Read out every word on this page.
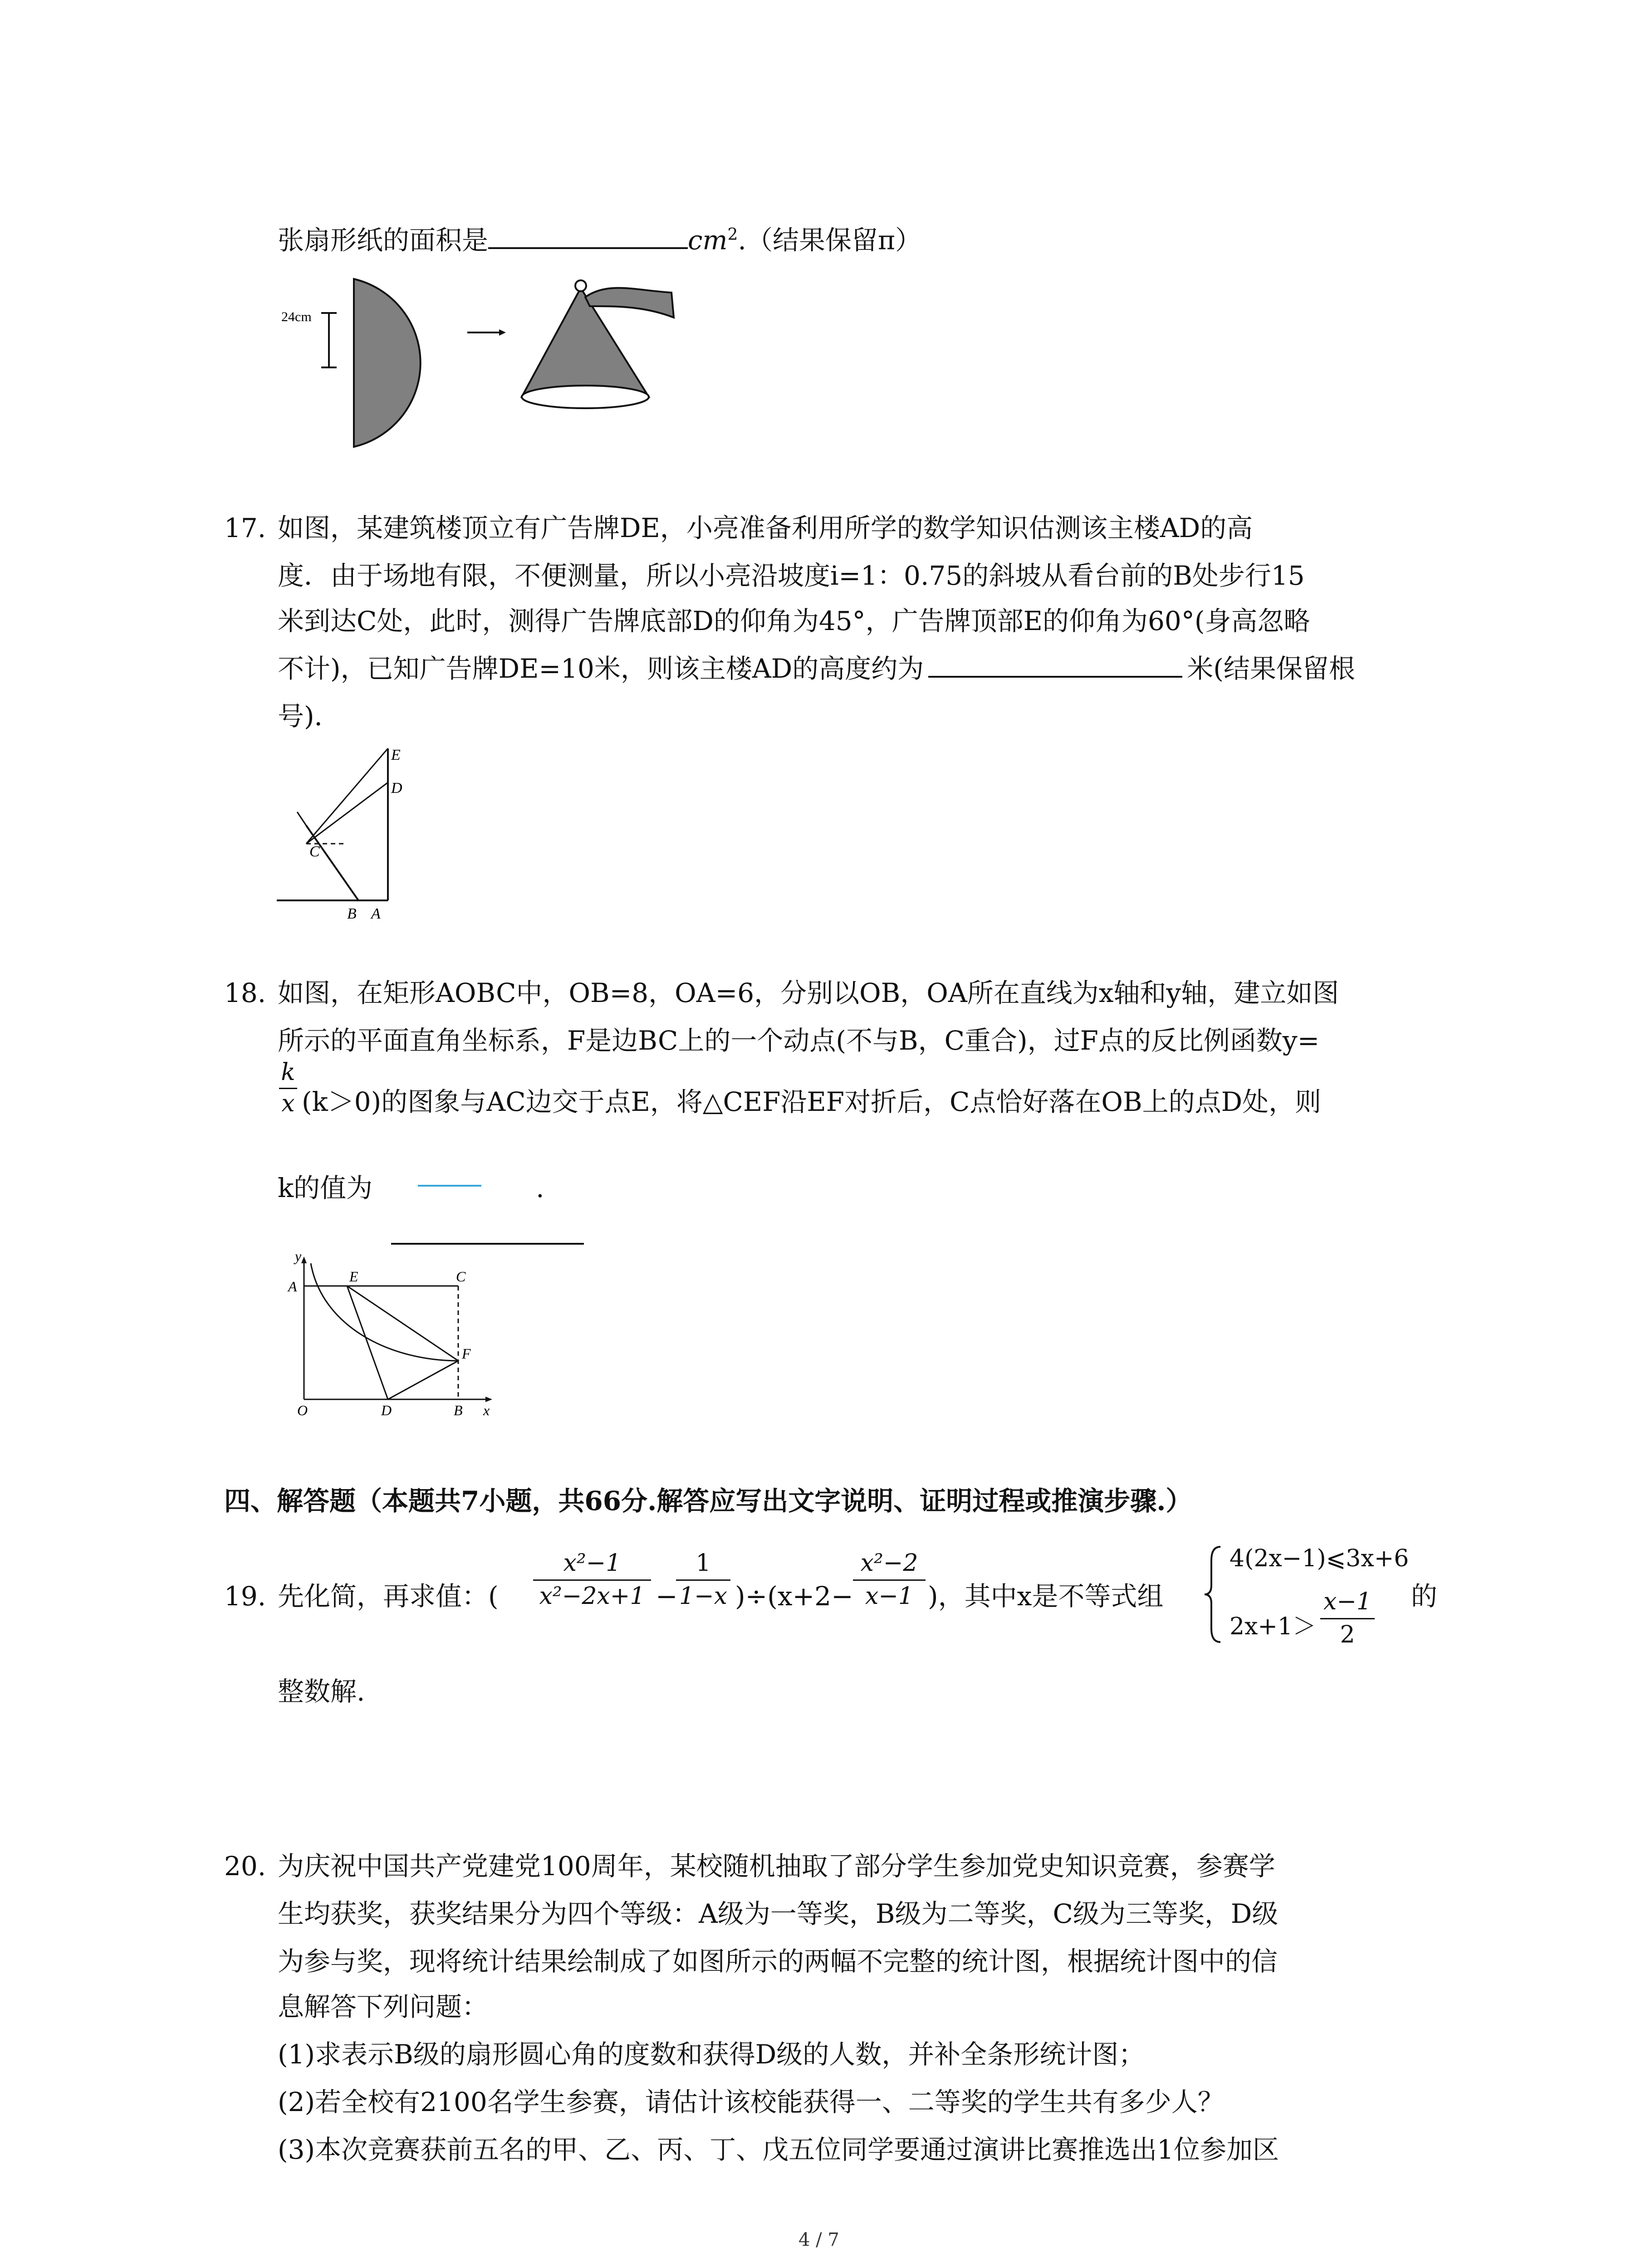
张扇形纸的面积是	$cm^2$.（结果保留π）
24cm
17. 如图，某建筑楼顶立有广告牌DE，小亮准备利用所学的数学知识估测该主楼AD的高
度．由于场地有限，不便测量，所以小亮沿坡度i=1：0.75的斜坡从看台前的B处步行15
米到达C处，此时，测得广告牌底部D的仰角为45°，广告牌顶部E的仰角为60°(身高忽略
不计)，已知广告牌DE=10米，则该主楼AD的高度约为	米(结果保留根
号)．
E
D
C
B A
18. 如图，在矩形AOBC中，OB=8，OA=6，分别以OB，OA所在直线为x轴和y轴，建立如图
所示的平面直角坐标系，F是边BC上的一个动点(不与B，C重合)，过F点的反比例函数y=
k
x (k＞0)的图象与AC边交于点E，将△CEF沿EF对折后，C点恰好落在OB上的点D处，则
k的值为	.
y
A
E	C
F
O	D	B x
四、解答题（本题共7小题，共66分.解答应写出文字说明、证明过程或推演步骤.）
19. 先化简，再求值：(
x²−1
x²−2x+1 −
1
1−x )÷(x+2−
x²−2
x−1 )，其中x是不等式组
4(2x−1)⩽3x+6
2x+1＞
x−1
2
的
整数解.
20. 为庆祝中国共产党建党100周年，某校随机抽取了部分学生参加党史知识竞赛，参赛学
生均获奖，获奖结果分为四个等级：A级为一等奖，B级为二等奖，C级为三等奖，D级
为参与奖，现将统计结果绘制成了如图所示的两幅不完整的统计图，根据统计图中的信
息解答下列问题：
(1)求表示B级的扇形圆心角的度数和获得D级的人数，并补全条形统计图；
(2)若全校有2100名学生参赛，请估计该校能获得一、二等奖的学生共有多少人？
(3)本次竞赛获前五名的甲、乙、丙、丁、戊五位同学要通过演讲比赛推选出1位参加区
4 / 7
